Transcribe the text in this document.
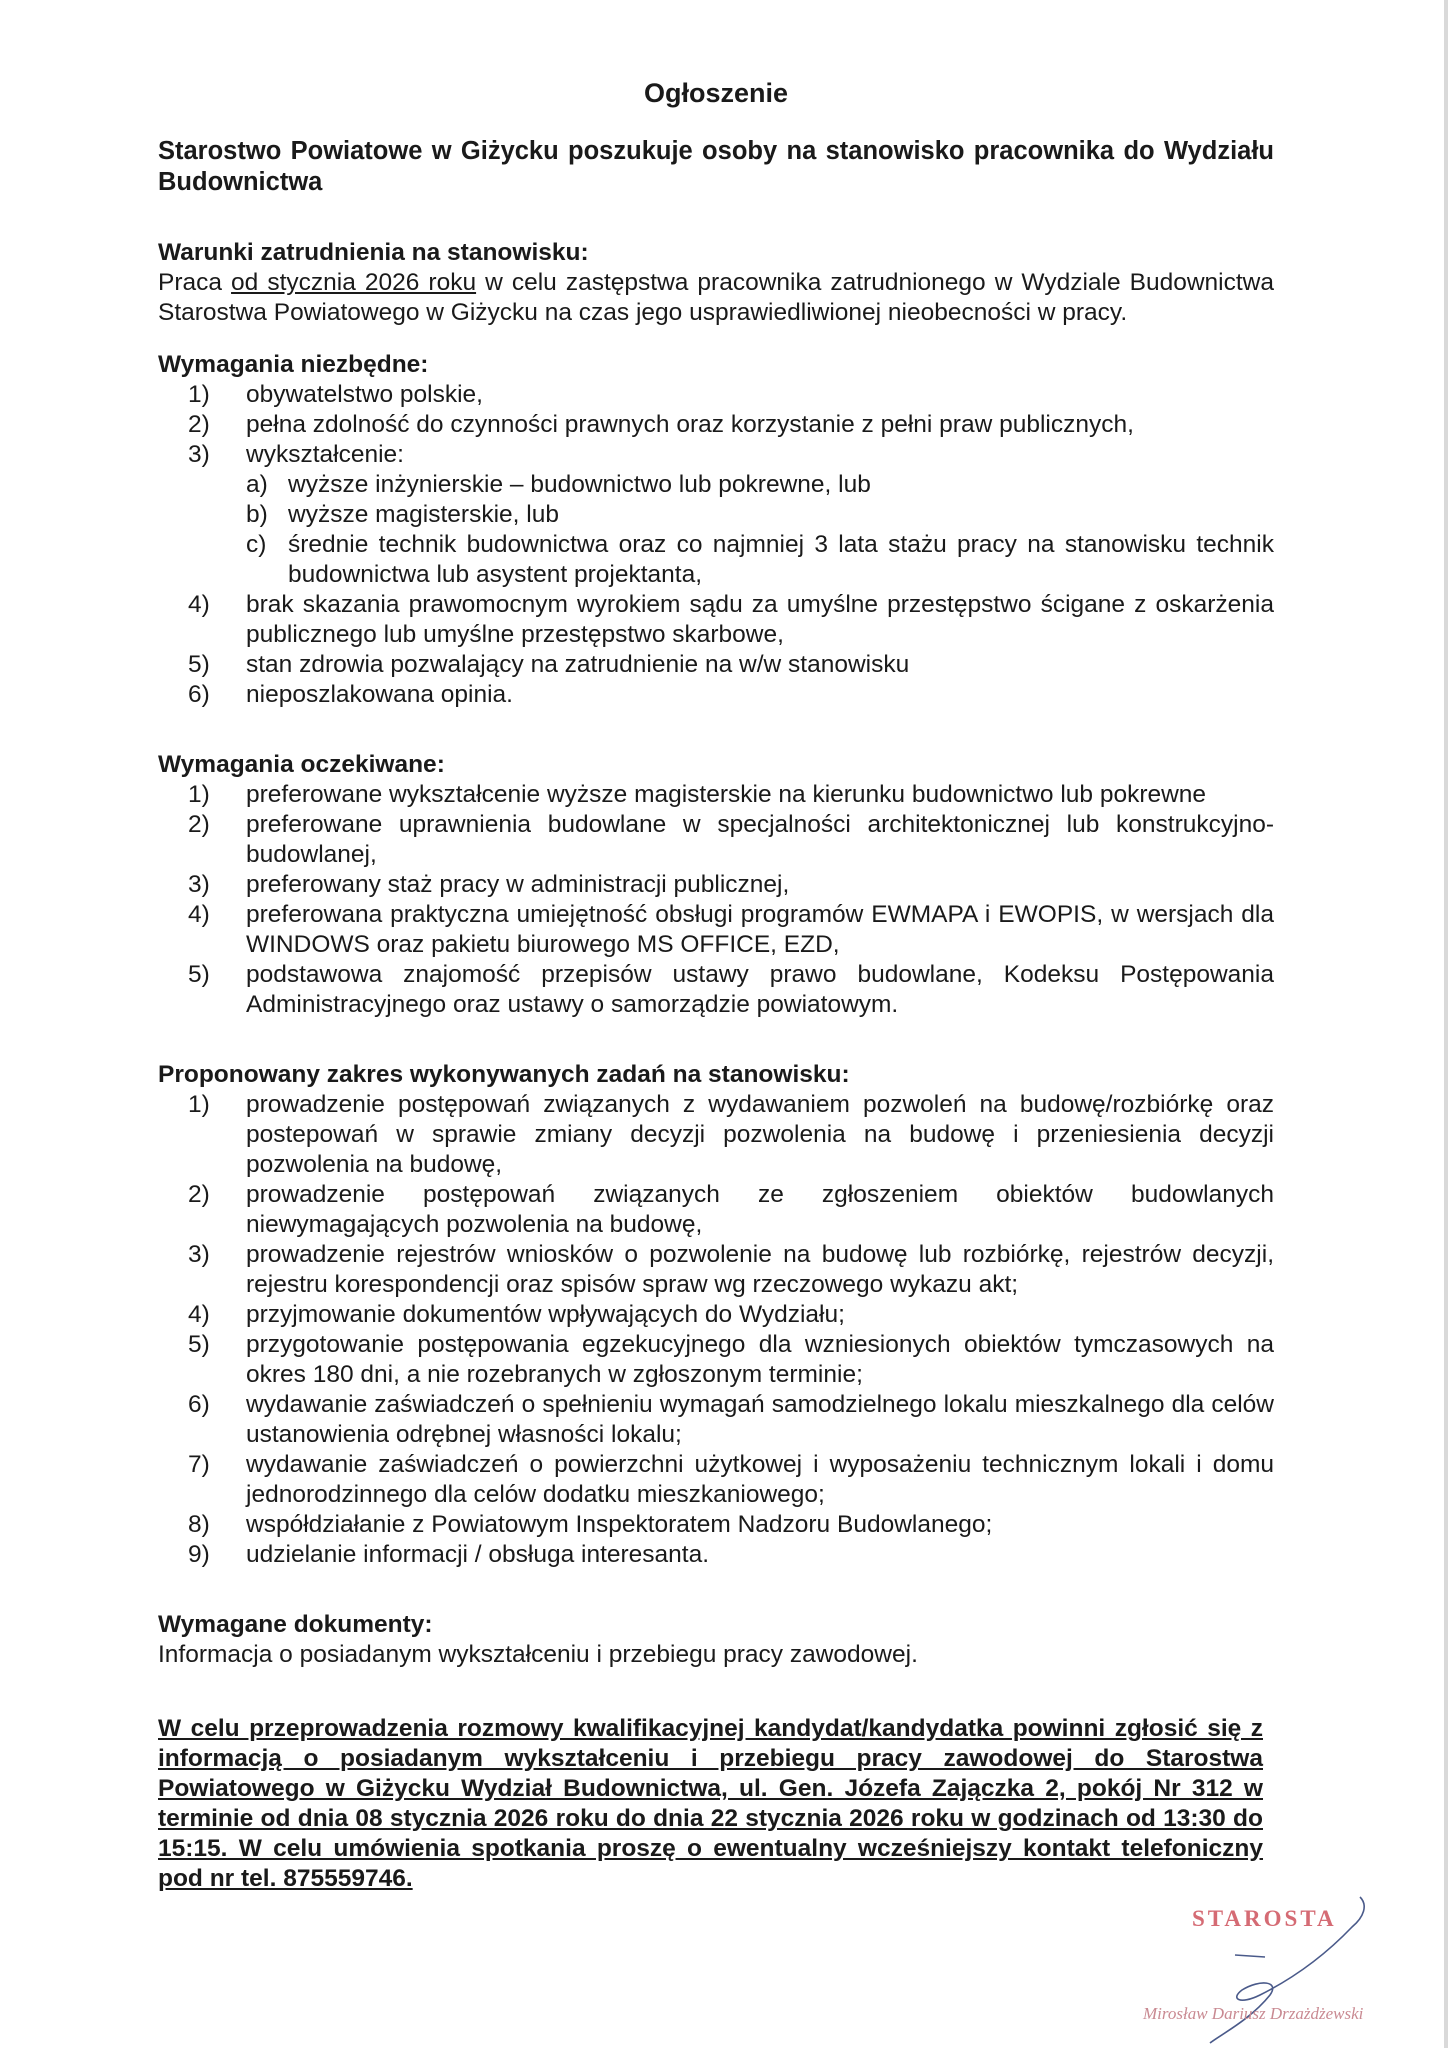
Ogłoszenie

Starostwo Powiatowe w Giżycku poszukuje osoby na stanowisko pracownika do Wydziału Budownictwa

Warunki zatrudnienia na stanowisku:

Praca od stycznia 2026 roku w celu zastępstwa pracownika zatrudnionego w Wydziale Budownictwa Starostwa Powiatowego w Giżycku na czas jego usprawiedliwionej nieobecności w pracy.

Wymagania niezbędne:

1) obywatelstwo polskie,
2) pełna zdolność do czynności prawnych oraz korzystanie z pełni praw publicznych,
3) wykształcenie:
a) wyższe inżynierskie – budownictwo lub pokrewne, lub
b) wyższe magisterskie, lub
c) średnie technik budownictwa oraz co najmniej 3 lata stażu pracy na stanowisku technik budownictwa lub asystent projektanta,
4) brak skazania prawomocnym wyrokiem sądu za umyślne przestępstwo ścigane z oskarżenia publicznego lub umyślne przestępstwo skarbowe,
5) stan zdrowia pozwalający na zatrudnienie na w/w stanowisku
6) nieposzlakowana opinia.

Wymagania oczekiwane:

1) preferowane wykształcenie wyższe magisterskie na kierunku budownictwo lub pokrewne
2) preferowane uprawnienia budowlane w specjalności architektonicznej lub konstrukcyjno-budowlanej,
3) preferowany staż pracy w administracji publicznej,
4) preferowana praktyczna umiejętność obsługi programów EWMAPA i EWOPIS, w wersjach dla WINDOWS oraz pakietu biurowego MS OFFICE, EZD,
5) podstawowa znajomość przepisów ustawy prawo budowlane, Kodeksu Postępowania Administracyjnego oraz ustawy o samorządzie powiatowym.

Proponowany zakres wykonywanych zadań na stanowisku:

1) prowadzenie postępowań związanych z wydawaniem pozwoleń na budowę/rozbiórkę oraz postepowań w sprawie zmiany decyzji pozwolenia na budowę i przeniesienia decyzji pozwolenia na budowę,
2) prowadzenie postępowań związanych ze zgłoszeniem obiektów budowlanych niewymagających pozwolenia na budowę,
3) prowadzenie rejestrów wniosków o pozwolenie na budowę lub rozbiórkę, rejestrów decyzji, rejestru korespondencji oraz spisów spraw wg rzeczowego wykazu akt;
4) przyjmowanie dokumentów wpływających do Wydziału;
5) przygotowanie postępowania egzekucyjnego dla wzniesionych obiektów tymczasowych na okres 180 dni, a nie rozebranych w zgłoszonym terminie;
6) wydawanie zaświadczeń o spełnieniu wymagań samodzielnego lokalu mieszkalnego dla celów ustanowienia odrębnej własności lokalu;
7) wydawanie zaświadczeń o powierzchni użytkowej i wyposażeniu technicznym lokali i domu jednorodzinnego dla celów dodatku mieszkaniowego;
8) współdziałanie z Powiatowym Inspektoratem Nadzoru Budowlanego;
9) udzielanie informacji / obsługa interesanta.

Wymagane dokumenty:

Informacja o posiadanym wykształceniu i przebiegu pracy zawodowej.

W celu przeprowadzenia rozmowy kwalifikacyjnej kandydat/kandydatka powinni zgłosić się z informacją o posiadanym wykształceniu i przebiegu pracy zawodowej do Starostwa Powiatowego w Giżycku Wydział Budownictwa, ul. Gen. Józefa Zajączka 2, pokój Nr 312 w terminie od dnia 08 stycznia 2026 roku do dnia 22 stycznia 2026 roku w godzinach od 13:30 do 15:15. W celu umówienia spotkania proszę o ewentualny wcześniejszy kontakt telefoniczny pod nr tel. 875559746.

STAROSTA
Mirosław Dariusz Drzażdżewski
